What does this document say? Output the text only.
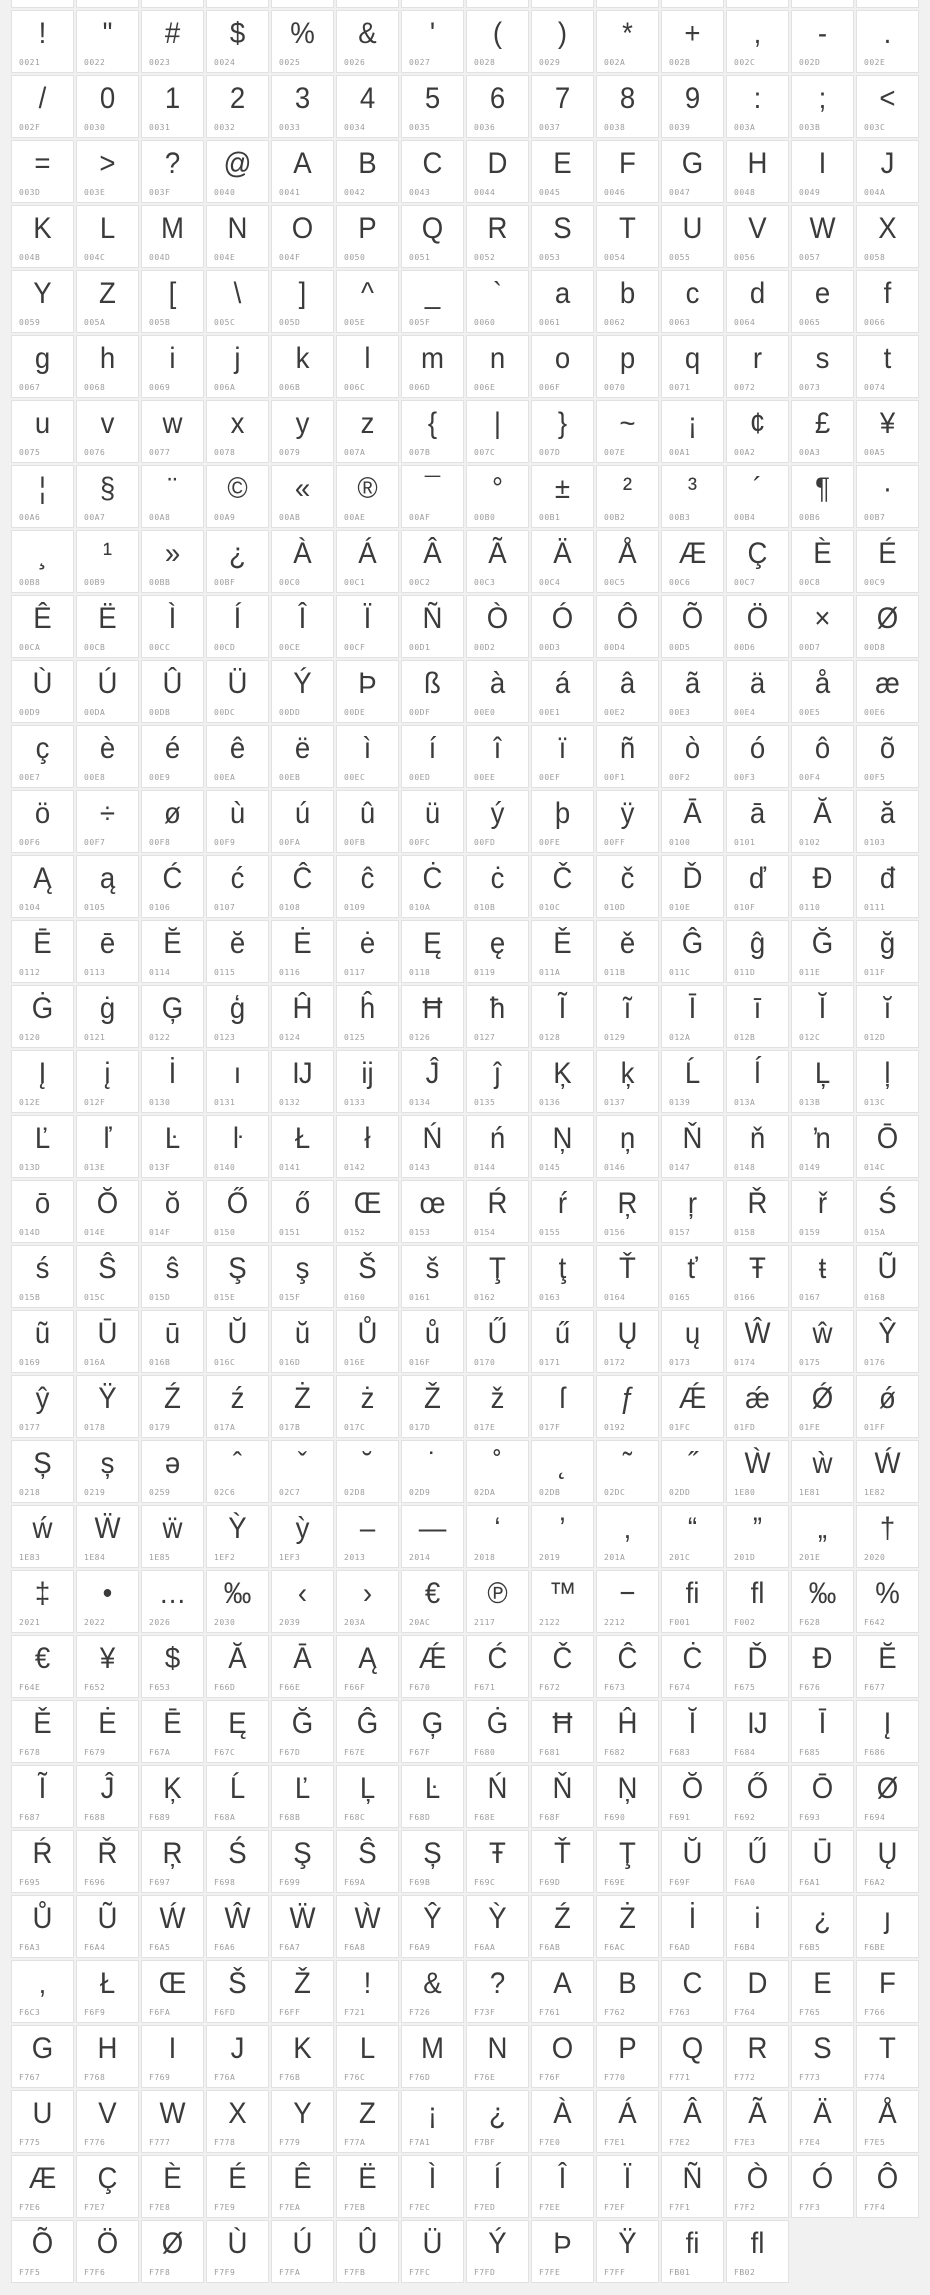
!
0021
"
0022
#
0023
$
0024
%
0025
&
0026
'
0027
(
0028
)
0029
*
002A
+
002B
,
002C
-
002D
.
002E
/
002F
0
0030
1
0031
2
0032
3
0033
4
0034
5
0035
6
0036
7
0037
8
0038
9
0039
:
003A
;
003B
<
003C
=
003D
>
003E
?
003F
@
0040
A
0041
B
0042
C
0043
D
0044
E
0045
F
0046
G
0047
H
0048
I
0049
J
004A
K
004B
L
004C
M
004D
N
004E
O
004F
P
0050
Q
0051
R
0052
S
0053
T
0054
U
0055
V
0056
W
0057
X
0058
Y
0059
Z
005A
[
005B
\
005C
]
005D
^
005E
_
005F
`
0060
a
0061
b
0062
c
0063
d
0064
e
0065
f
0066
g
0067
h
0068
i
0069
j
006A
k
006B
l
006C
m
006D
n
006E
o
006F
p
0070
q
0071
r
0072
s
0073
t
0074
u
0075
v
0076
w
0077
x
0078
y
0079
z
007A
{
007B
|
007C
}
007D
~
007E
¡
00A1
¢
00A2
£
00A3
¥
00A5
¦
00A6
§
00A7
¨
00A8
©
00A9
«
00AB
®
00AE
¯
00AF
°
00B0
±
00B1
²
00B2
³
00B3
´
00B4
¶
00B6
·
00B7
¸
00B8
¹
00B9
»
00BB
¿
00BF
À
00C0
Á
00C1
Â
00C2
Ã
00C3
Ä
00C4
Å
00C5
Æ
00C6
Ç
00C7
È
00C8
É
00C9
Ê
00CA
Ë
00CB
Ì
00CC
Í
00CD
Î
00CE
Ï
00CF
Ñ
00D1
Ò
00D2
Ó
00D3
Ô
00D4
Õ
00D5
Ö
00D6
×
00D7
Ø
00D8
Ù
00D9
Ú
00DA
Û
00DB
Ü
00DC
Ý
00DD
Þ
00DE
ß
00DF
à
00E0
á
00E1
â
00E2
ã
00E3
ä
00E4
å
00E5
æ
00E6
ç
00E7
è
00E8
é
00E9
ê
00EA
ë
00EB
ì
00EC
í
00ED
î
00EE
ï
00EF
ñ
00F1
ò
00F2
ó
00F3
ô
00F4
õ
00F5
ö
00F6
÷
00F7
ø
00F8
ù
00F9
ú
00FA
û
00FB
ü
00FC
ý
00FD
þ
00FE
ÿ
00FF
Ā
0100
ā
0101
Ă
0102
ă
0103
Ą
0104
ą
0105
Ć
0106
ć
0107
Ĉ
0108
ĉ
0109
Ċ
010A
ċ
010B
Č
010C
č
010D
Ď
010E
ď
010F
Đ
0110
đ
0111
Ē
0112
ē
0113
Ĕ
0114
ĕ
0115
Ė
0116
ė
0117
Ę
0118
ę
0119
Ě
011A
ě
011B
Ĝ
011C
ĝ
011D
Ğ
011E
ğ
011F
Ġ
0120
ġ
0121
Ģ
0122
ģ
0123
Ĥ
0124
ĥ
0125
Ħ
0126
ħ
0127
Ĩ
0128
ĩ
0129
Ī
012A
ī
012B
Ĭ
012C
ĭ
012D
Į
012E
į
012F
İ
0130
ı
0131
Ĳ
0132
ĳ
0133
Ĵ
0134
ĵ
0135
Ķ
0136
ķ
0137
Ĺ
0139
ĺ
013A
Ļ
013B
ļ
013C
Ľ
013D
ľ
013E
Ŀ
013F
ŀ
0140
Ł
0141
ł
0142
Ń
0143
ń
0144
Ņ
0145
ņ
0146
Ň
0147
ň
0148
ŉ
0149
Ō
014C
ō
014D
Ŏ
014E
ŏ
014F
Ő
0150
ő
0151
Œ
0152
œ
0153
Ŕ
0154
ŕ
0155
Ŗ
0156
ŗ
0157
Ř
0158
ř
0159
Ś
015A
ś
015B
Ŝ
015C
ŝ
015D
Ş
015E
ş
015F
Š
0160
š
0161
Ţ
0162
ţ
0163
Ť
0164
ť
0165
Ŧ
0166
ŧ
0167
Ũ
0168
ũ
0169
Ū
016A
ū
016B
Ŭ
016C
ŭ
016D
Ů
016E
ů
016F
Ű
0170
ű
0171
Ų
0172
ų
0173
Ŵ
0174
ŵ
0175
Ŷ
0176
ŷ
0177
Ÿ
0178
Ź
0179
ź
017A
Ż
017B
ż
017C
Ž
017D
ž
017E
ſ
017F
ƒ
0192
Ǽ
01FC
ǽ
01FD
Ǿ
01FE
ǿ
01FF
Ș
0218
ș
0219
ə
0259
ˆ
02C6
ˇ
02C7
˘
02D8
˙
02D9
˚
02DA
˛
02DB
˜
02DC
˝
02DD
Ẁ
1E80
ẁ
1E81
Ẃ
1E82
ẃ
1E83
Ẅ
1E84
ẅ
1E85
Ỳ
1EF2
ỳ
1EF3
–
2013
—
2014
‘
2018
’
2019
‚
201A
“
201C
”
201D
„
201E
†
2020
‡
2021
•
2022
…
2026
‰
2030
‹
2039
›
203A
€
20AC
℗
2117
™
2122
−
2212
ﬁ
F001
ﬂ
F002
‰
F628
%
F642
€
F64E
¥
F652
$
F653
Ă
F66D
Ā
F66E
Ą
F66F
Ǽ
F670
Ć
F671
Č
F672
Ĉ
F673
Ċ
F674
Ď
F675
Đ
F676
Ĕ
F677
Ě
F678
Ė
F679
Ē
F67A
Ę
F67C
Ğ
F67D
Ĝ
F67E
Ģ
F67F
Ġ
F680
Ħ
F681
Ĥ
F682
Ĭ
F683
Ĳ
F684
Ī
F685
Į
F686
Ĩ
F687
Ĵ
F688
Ķ
F689
Ĺ
F68A
Ľ
F68B
Ļ
F68C
Ŀ
F68D
Ń
F68E
Ň
F68F
Ņ
F690
Ŏ
F691
Ő
F692
Ō
F693
Ø
F694
Ŕ
F695
Ř
F696
Ŗ
F697
Ś
F698
Ş
F699
Ŝ
F69A
Ș
F69B
Ŧ
F69C
Ť
F69D
Ţ
F69E
Ŭ
F69F
Ű
F6A0
Ū
F6A1
Ų
F6A2
Ů
F6A3
Ũ
F6A4
Ẃ
F6A5
Ŵ
F6A6
Ẅ
F6A7
Ẁ
F6A8
Ŷ
F6A9
Ỳ
F6AA
Ź
F6AB
Ż
F6AC
İ
F6AD
i
F6B4
¿
F6B5
ȷ
F6BE
‚
F6C3
Ł
F6F9
Œ
F6FA
Š
F6FD
Ž
F6FF
!
F721
&
F726
?
F73F
A
F761
B
F762
C
F763
D
F764
E
F765
F
F766
G
F767
H
F768
I
F769
J
F76A
K
F76B
L
F76C
M
F76D
N
F76E
O
F76F
P
F770
Q
F771
R
F772
S
F773
T
F774
U
F775
V
F776
W
F777
X
F778
Y
F779
Z
F77A
¡
F7A1
¿
F7BF
À
F7E0
Á
F7E1
Â
F7E2
Ã
F7E3
Ä
F7E4
Å
F7E5
Æ
F7E6
Ç
F7E7
È
F7E8
É
F7E9
Ê
F7EA
Ë
F7EB
Ì
F7EC
Í
F7ED
Î
F7EE
Ï
F7EF
Ñ
F7F1
Ò
F7F2
Ó
F7F3
Ô
F7F4
Õ
F7F5
Ö
F7F6
Ø
F7F8
Ù
F7F9
Ú
F7FA
Û
F7FB
Ü
F7FC
Ý
F7FD
Þ
F7FE
Ÿ
F7FF
ﬁ
FB01
ﬂ
FB02
